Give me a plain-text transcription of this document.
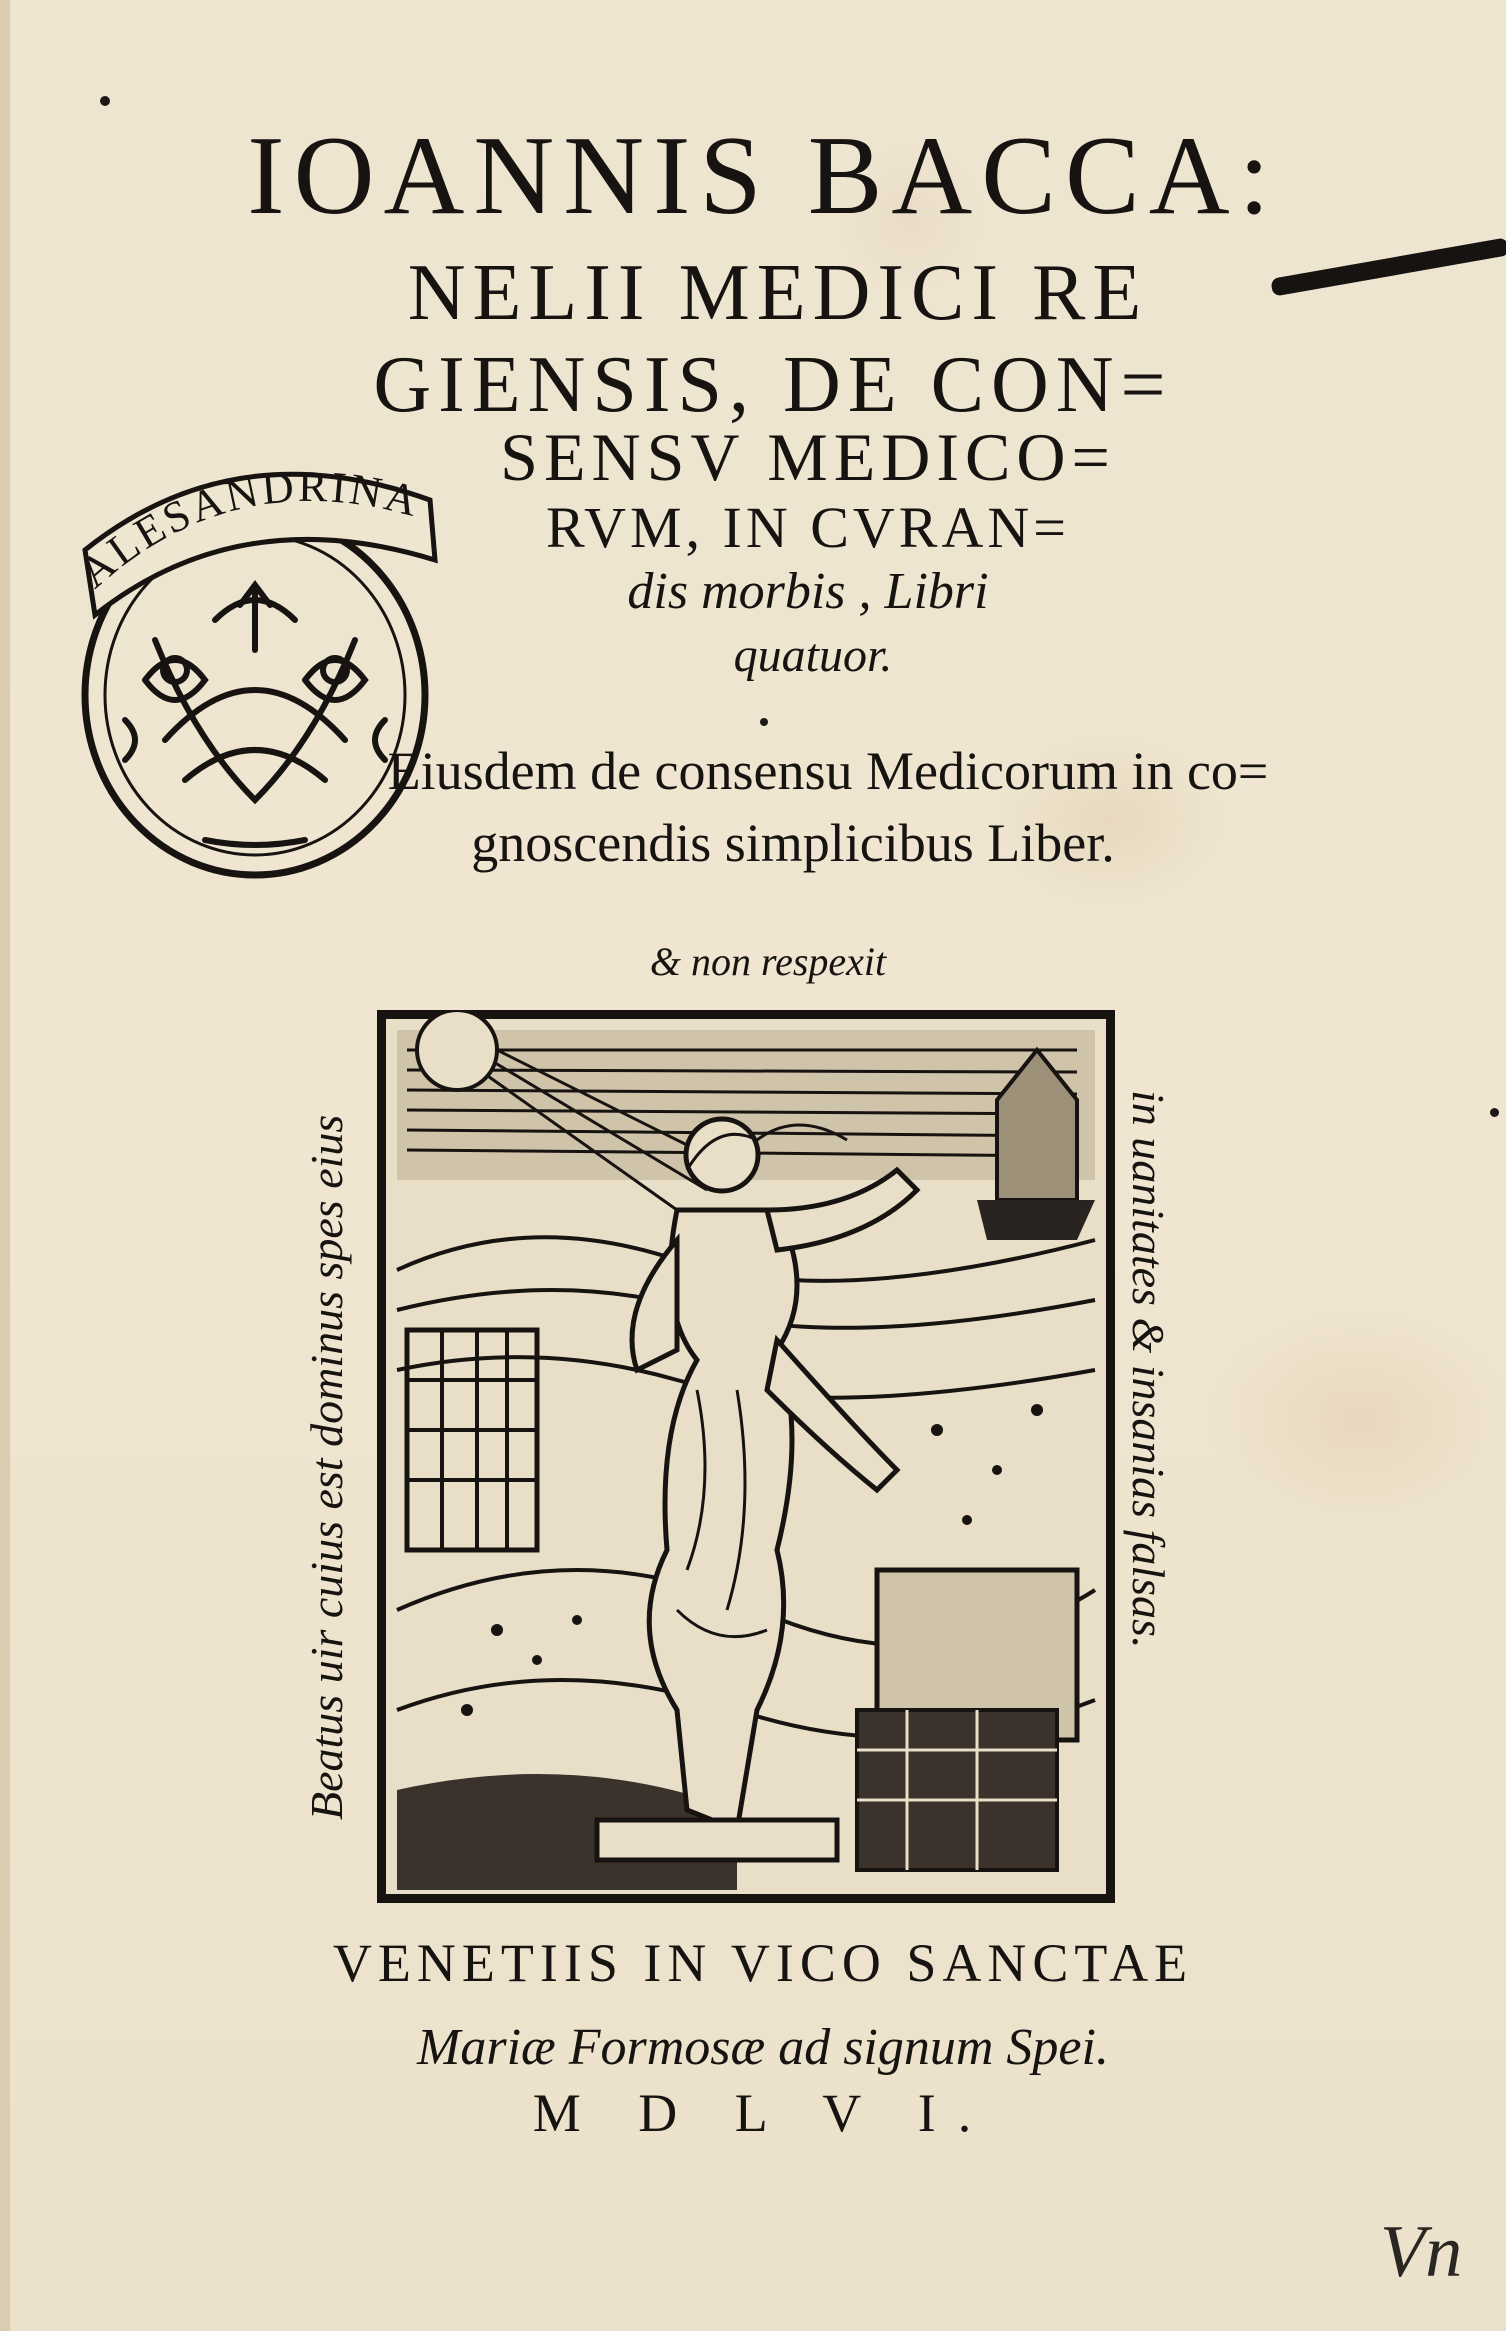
IOANNIS BACCA:
NELII MEDICI RE
GIENSIS, DE CON=
SENSV MEDICO=
RVM, IN CVRAN=
dis morbis , Libri
quatuor.
Eiusdem de consensu Medicorum in co=
gnoscendis simplicibus Liber.
ALESANDRINA
& non respexit
Beatus uir cuius est dominus spes eius	in uanitates & insanias falsas.
VENETIIS IN VICO SANCTAE
Mariæ Formosæ ad signum Spei.
M D L V I.
Vn
